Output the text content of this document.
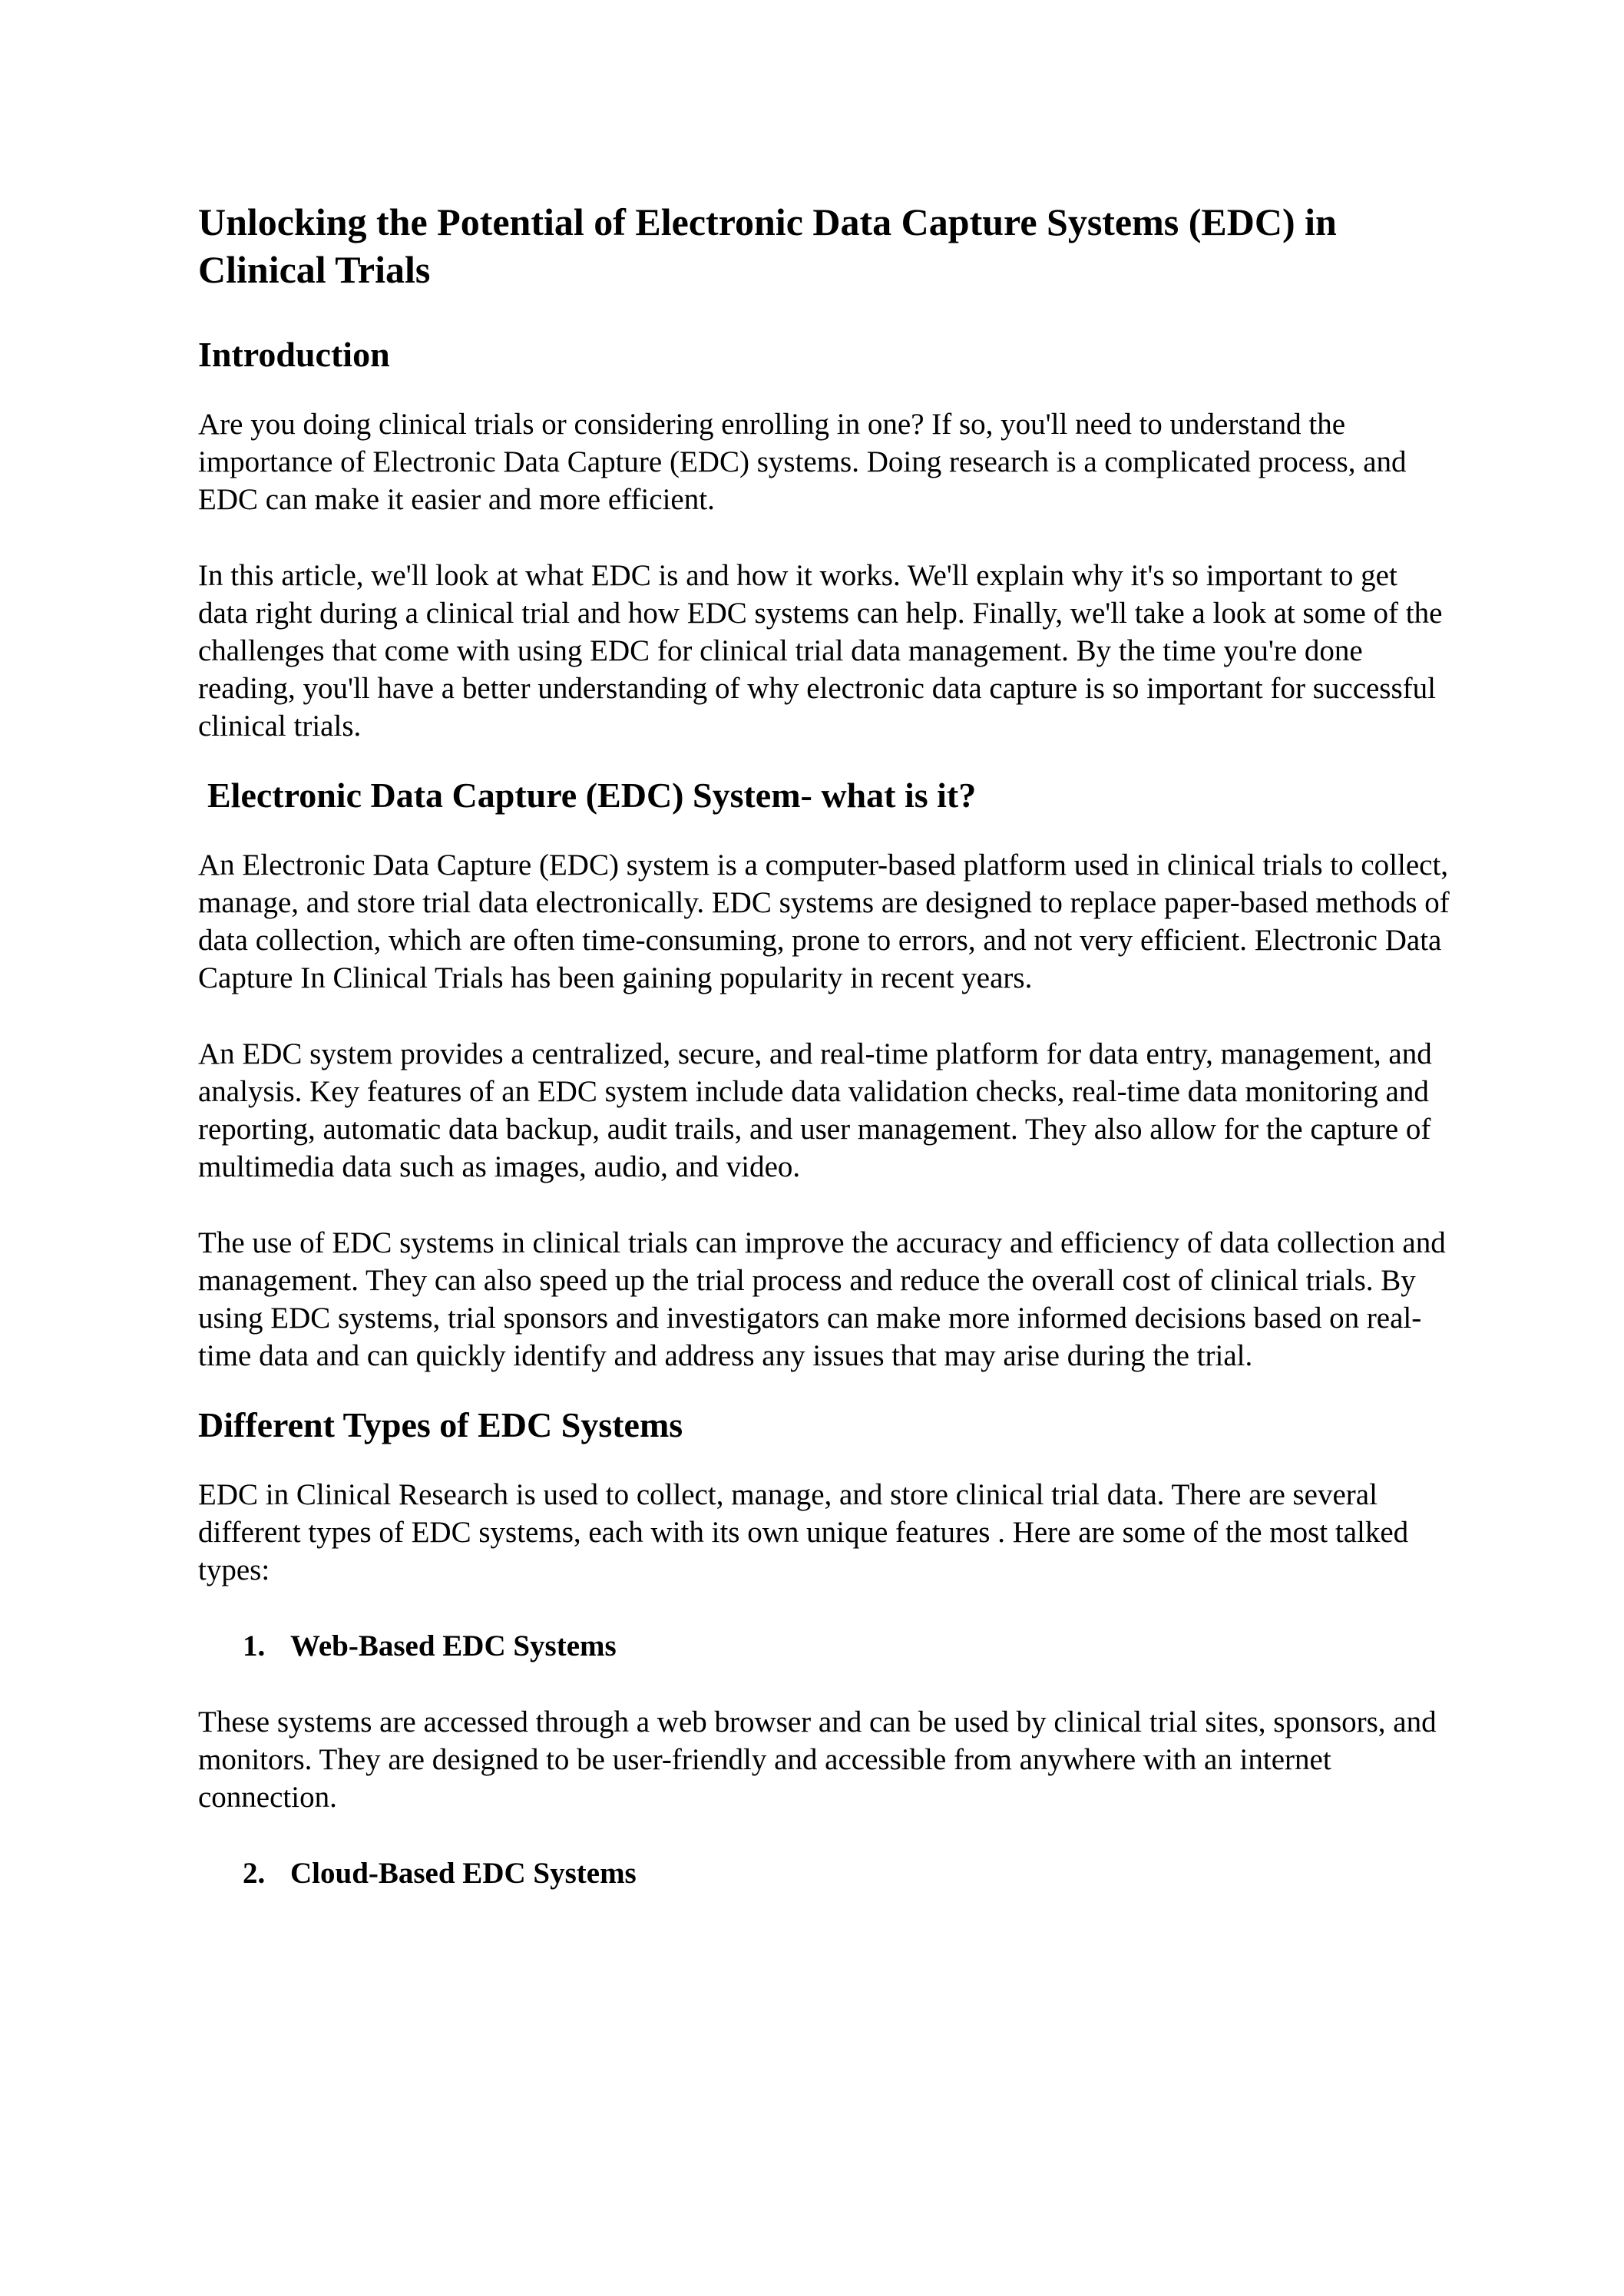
Unlocking the Potential of Electronic Data Capture Systems (EDC) in Clinical Trials
Introduction

Are you doing clinical trials or considering enrolling in one? If so, you'll need to understand the importance of Electronic Data Capture (EDC) systems. Doing research is a complicated process, and EDC can make it easier and more efficient.

In this article, we'll look at what EDC is and how it works. We'll explain why it's so important to get data right during a clinical trial and how EDC systems can help. Finally, we'll take a look at some of the challenges that come with using EDC for clinical trial data management. By the time you're done reading, you'll have a better understanding of why electronic data capture is so important for successful clinical trials.

Electronic Data Capture (EDC) System- what is it?

An Electronic Data Capture (EDC) system is a computer-based platform used in clinical trials to collect, manage, and store trial data electronically. EDC systems are designed to replace paper-based methods of data collection, which are often time-consuming, prone to errors, and not very efficient. Electronic Data Capture In Clinical Trials has been gaining popularity in recent years.

An EDC system provides a centralized, secure, and real-time platform for data entry, management, and analysis. Key features of an EDC system include data validation checks, real-time data monitoring and reporting, automatic data backup, audit trails, and user management. They also allow for the capture of multimedia data such as images, audio, and video.

The use of EDC systems in clinical trials can improve the accuracy and efficiency of data collection and management. They can also speed up the trial process and reduce the overall cost of clinical trials. By using EDC systems, trial sponsors and investigators can make more informed decisions based on real-time data and can quickly identify and address any issues that may arise during the trial.

Different Types of EDC Systems

EDC in Clinical Research is used to collect, manage, and store clinical trial data. There are several different types of EDC systems, each with its own unique features . Here are some of the most talked types:

1. Web-Based EDC Systems

These systems are accessed through a web browser and can be used by clinical trial sites, sponsors, and monitors. They are designed to be user-friendly and accessible from anywhere with an internet connection.

2. Cloud-Based EDC Systems
